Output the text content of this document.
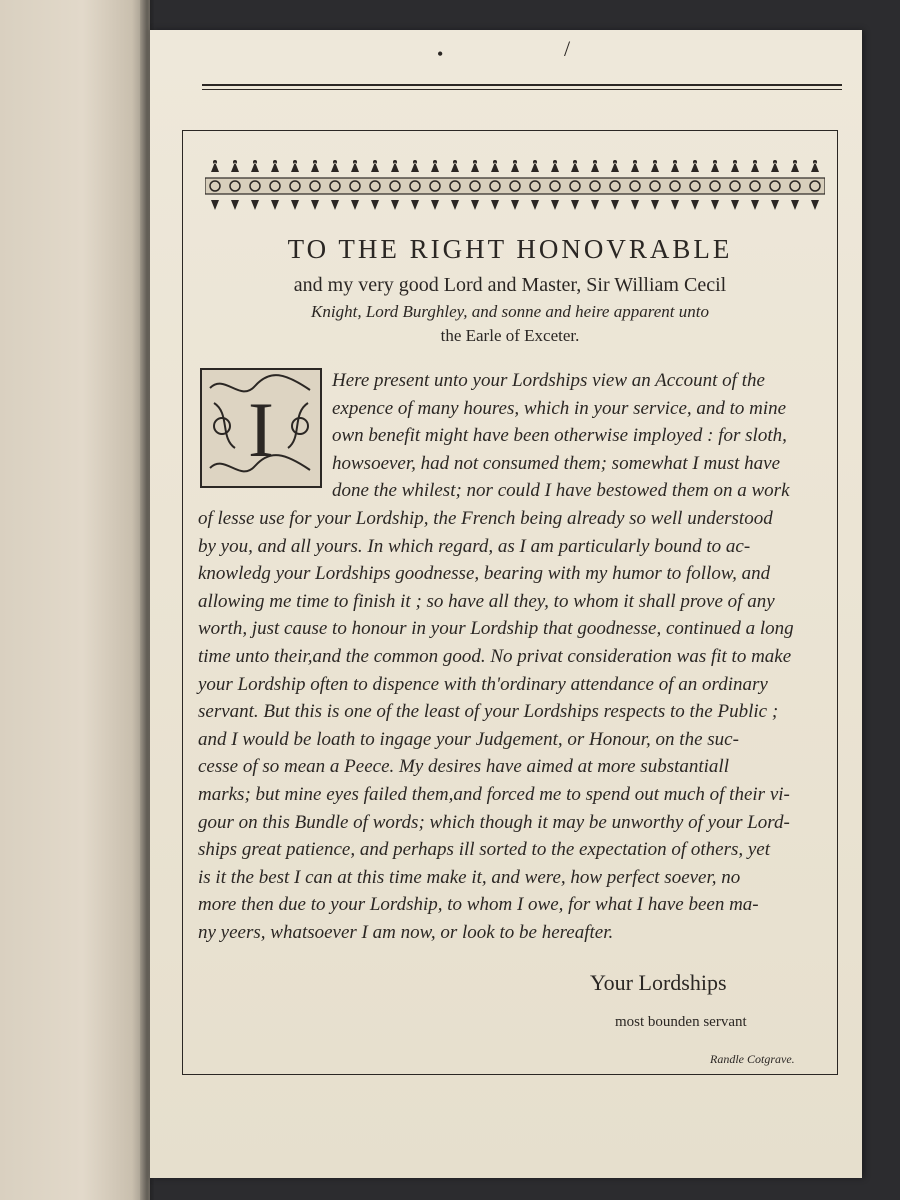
•	/
TO THE RIGHT HONOVRABLE
and my very good Lord and Master, Sir William Cecil
Knight, Lord Burghley, and sonne and heire apparent unto
the Earle of Exceter.
I
Here present unto your Lordships view an Account of the
expence of many houres, which in your service, and to mine
own benefit might have been otherwise imployed : for sloth,
howsoever, had not consumed them; somewhat I must have
done the whilest; nor could I have bestowed them on a work
of lesse use for your Lordship, the French being already so well understood
by you, and all yours. In which regard, as I am particularly bound to ac-
knowledg your Lordships goodnesse, bearing with my humor to follow, and
allowing me time to finish it ; so have all they, to whom it shall prove of any
worth, just cause to honour in your Lordship that goodnesse, continued a long
time unto their,and the common good. No privat consideration was fit to make
your Lordship often to dispence with th'ordinary attendance of an ordinary
servant. But this is one of the least of your Lordships respects to the Public ;
and I would be loath to ingage your Judgement, or Honour, on the suc-
cesse of so mean a Peece. My desires have aimed at more substantiall
marks; but mine eyes failed them,and forced me to spend out much of their vi-
gour on this Bundle of words; which though it may be unworthy of your Lord-
ships great patience, and perhaps ill sorted to the expectation of others, yet
is it the best I can at this time make it, and were, how perfect soever, no
more then due to your Lordship, to whom I owe, for what I have been ma-
ny yeers, whatsoever I am now, or look to be hereafter.
Your Lordships
most bounden servant
Randle Cotgrave.
